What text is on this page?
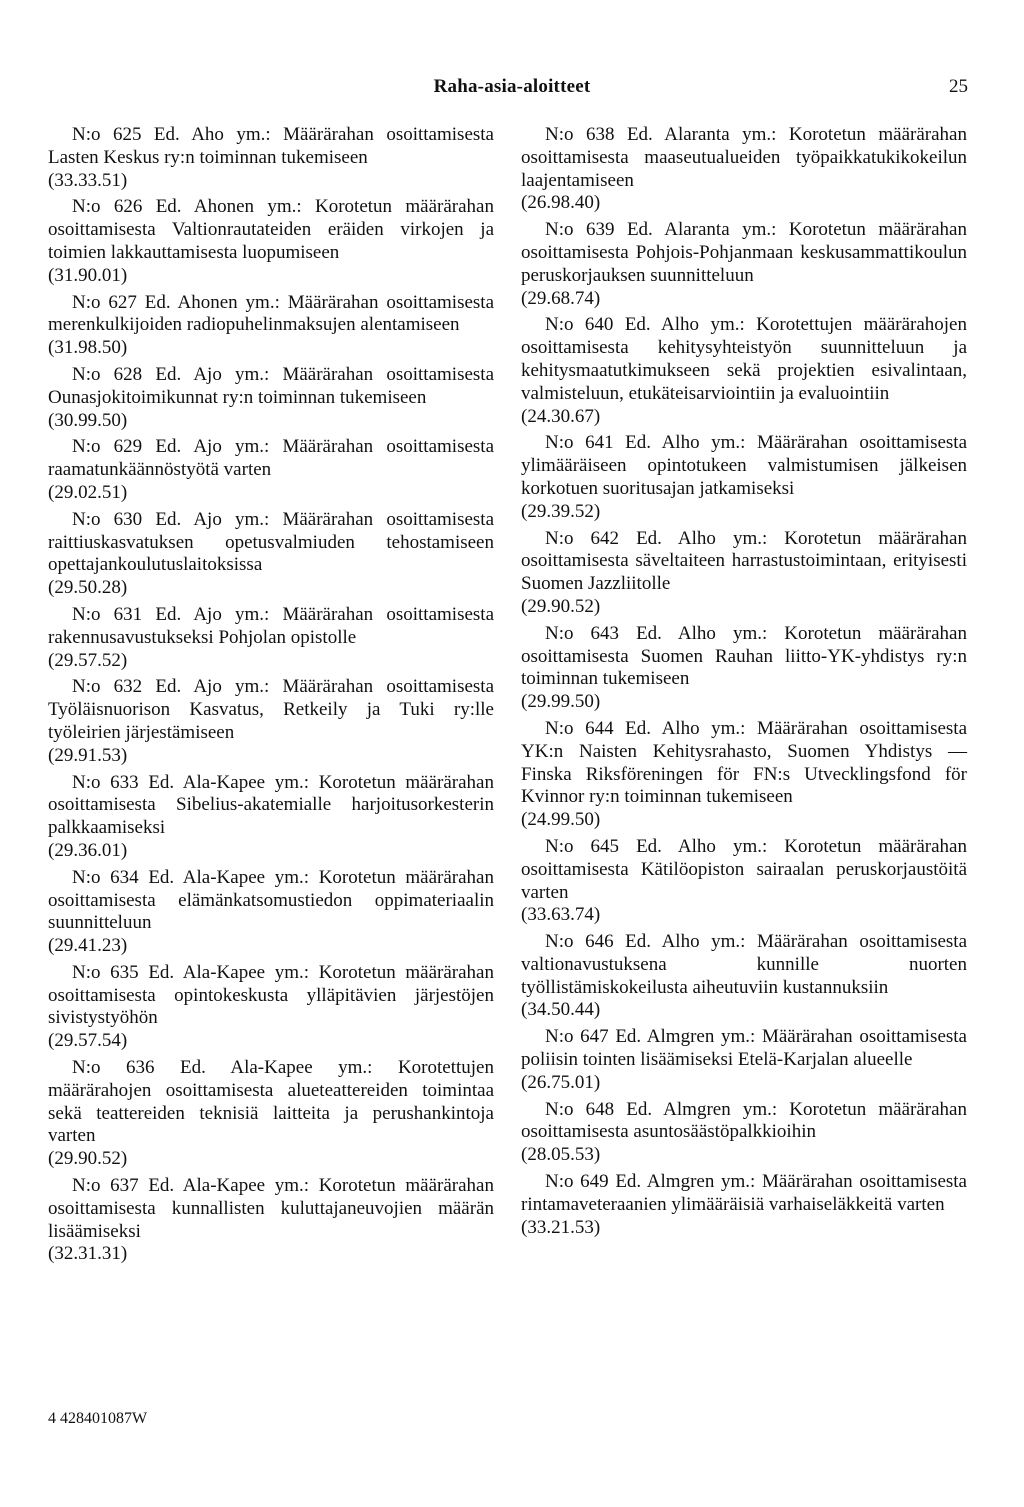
Raha-asia-aloitteet	25

N:o 625 Ed. Aho ym.: Määrärahan osoittamisesta Lasten Keskus ry:n toiminnan tukemiseen

(33.33.51)

N:o 626 Ed. Ahonen ym.: Korotetun määrärahan osoittamisesta Valtionrautateiden eräiden virkojen ja toimien lakkauttamisesta luopumiseen

(31.90.01)

N:o 627 Ed. Ahonen ym.: Määrärahan osoittamisesta merenkulkijoiden radiopuhelinmaksujen alentamiseen

(31.98.50)

N:o 628 Ed. Ajo ym.: Määrärahan osoittamisesta Ounasjokitoimikunnat ry:n toiminnan tukemiseen

(30.99.50)

N:o 629 Ed. Ajo ym.: Määrärahan osoittamisesta raamatunkäännöstyötä varten

(29.02.51)

N:o 630 Ed. Ajo ym.: Määrärahan osoittamisesta raittiuskasvatuksen opetusvalmiuden tehostamiseen opettajankoulutuslaitoksissa

(29.50.28)

N:o 631 Ed. Ajo ym.: Määrärahan osoittamisesta rakennusavustukseksi Pohjolan opistolle

(29.57.52)

N:o 632 Ed. Ajo ym.: Määrärahan osoittamisesta Työläisnuorison Kasvatus, Retkeily ja Tuki ry:lle työleirien järjestämiseen

(29.91.53)

N:o 633 Ed. Ala-Kapee ym.: Korotetun määrärahan osoittamisesta Sibelius-akatemialle harjoitusorkesterin palkkaamiseksi

(29.36.01)

N:o 634 Ed. Ala-Kapee ym.: Korotetun määrärahan osoittamisesta elämänkatsomustiedon oppimateriaalin suunnitteluun

(29.41.23)

N:o 635 Ed. Ala-Kapee ym.: Korotetun määrärahan osoittamisesta opintokeskusta ylläpitävien järjestöjen sivistystyöhön

(29.57.54)

N:o 636 Ed. Ala-Kapee ym.: Korotettujen määrärahojen osoittamisesta alueteattereiden toimintaa sekä teattereiden teknisiä laitteita ja perushankintoja varten

(29.90.52)

N:o 637 Ed. Ala-Kapee ym.: Korotetun määrärahan osoittamisesta kunnallisten kuluttajaneuvojien määrän lisäämiseksi

(32.31.31)

N:o 638 Ed. Alaranta ym.: Korotetun määrärahan osoittamisesta maaseutualueiden työpaikkatukikokeilun laajentamiseen

(26.98.40)

N:o 639 Ed. Alaranta ym.: Korotetun määrärahan osoittamisesta Pohjois-Pohjanmaan keskusammattikoulun peruskorjauksen suunnitteluun

(29.68.74)

N:o 640 Ed. Alho ym.: Korotettujen määrärahojen osoittamisesta kehitysyhteistyön suunnitteluun ja kehitysmaatutkimukseen sekä projektien esivalintaan, valmisteluun, etukäteisarviointiin ja evaluointiin

(24.30.67)

N:o 641 Ed. Alho ym.: Määrärahan osoittamisesta ylimääräiseen opintotukeen valmistumisen jälkeisen korkotuen suoritusajan jatkamiseksi

(29.39.52)

N:o 642 Ed. Alho ym.: Korotetun määrärahan osoittamisesta säveltaiteen harrastustoimintaan, erityisesti Suomen Jazzliitolle

(29.90.52)

N:o 643 Ed. Alho ym.: Korotetun määrärahan osoittamisesta Suomen Rauhan liitto-YK-yhdistys ry:n toiminnan tukemiseen

(29.99.50)

N:o 644 Ed. Alho ym.: Määrärahan osoittamisesta YK:n Naisten Kehitysrahasto, Suomen Yhdistys — Finska Riksföreningen för FN:s Utvecklingsfond för Kvinnor ry:n toiminnan tukemiseen

(24.99.50)

N:o 645 Ed. Alho ym.: Korotetun määrärahan osoittamisesta Kätilöopiston sairaalan peruskorjaustöitä varten

(33.63.74)

N:o 646 Ed. Alho ym.: Määrärahan osoittamisesta valtionavustuksena kunnille nuorten työllistämiskokeilusta aiheutuviin kustannuksiin

(34.50.44)

N:o 647 Ed. Almgren ym.: Määrärahan osoittamisesta poliisin tointen lisäämiseksi Etelä-Karjalan alueelle

(26.75.01)

N:o 648 Ed. Almgren ym.: Korotetun määrärahan osoittamisesta asuntosäästöpalkkioihin

(28.05.53)

N:o 649 Ed. Almgren ym.: Määrärahan osoittamisesta rintamaveteraanien ylimääräisiä varhaiseläkkeitä varten

(33.21.53)

4 428401087W
